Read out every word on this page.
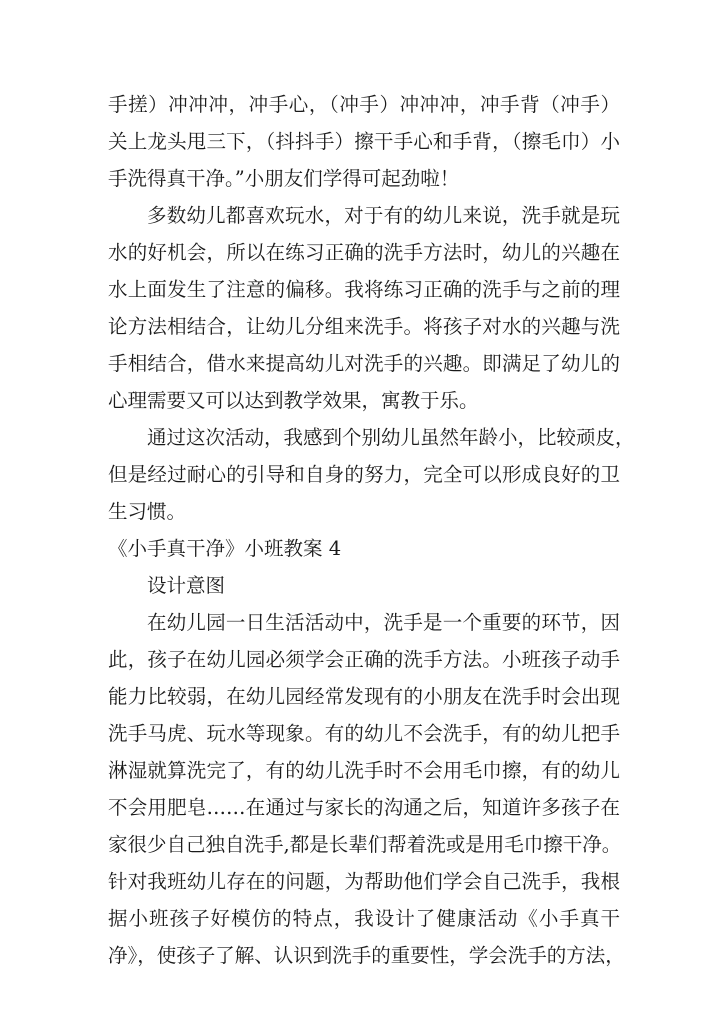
手搓）冲冲冲，冲手心，（冲手）冲冲冲，冲手背（冲手）
关上龙头甩三下，（抖抖手）擦干手心和手背，（擦毛巾）小
手洗得真干净。”小朋友们学得可起劲啦！
多数幼儿都喜欢玩水，对于有的幼儿来说，洗手就是玩
水的好机会，所以在练习正确的洗手方法时，幼儿的兴趣在
水上面发生了注意的偏移。我将练习正确的洗手与之前的理
论方法相结合，让幼儿分组来洗手。将孩子对水的兴趣与洗
手相结合，借水来提高幼儿对洗手的兴趣。即满足了幼儿的
心理需要又可以达到教学效果，寓教于乐。
通过这次活动，我感到个别幼儿虽然年龄小，比较顽皮，
但是经过耐心的引导和自身的努力，完全可以形成良好的卫
生习惯。
《小手真干净》小班教案 4
设计意图
在幼儿园一日生活活动中，洗手是一个重要的环节，因
此，孩子在幼儿园必须学会正确的洗手方法。小班孩子动手
能力比较弱，在幼儿园经常发现有的小朋友在洗手时会出现
洗手马虎、玩水等现象。有的幼儿不会洗手，有的幼儿把手
淋湿就算洗完了，有的幼儿洗手时不会用毛巾擦，有的幼儿
不会用肥皂……在通过与家长的沟通之后，知道许多孩子在
家很少自己独自洗手,都是长辈们帮着洗或是用毛巾擦干净。
针对我班幼儿存在的问题，为帮助他们学会自己洗手，我根
据小班孩子好模仿的特点，我设计了健康活动《小手真干
净》，使孩子了解、认识到洗手的重要性，学会洗手的方法，
